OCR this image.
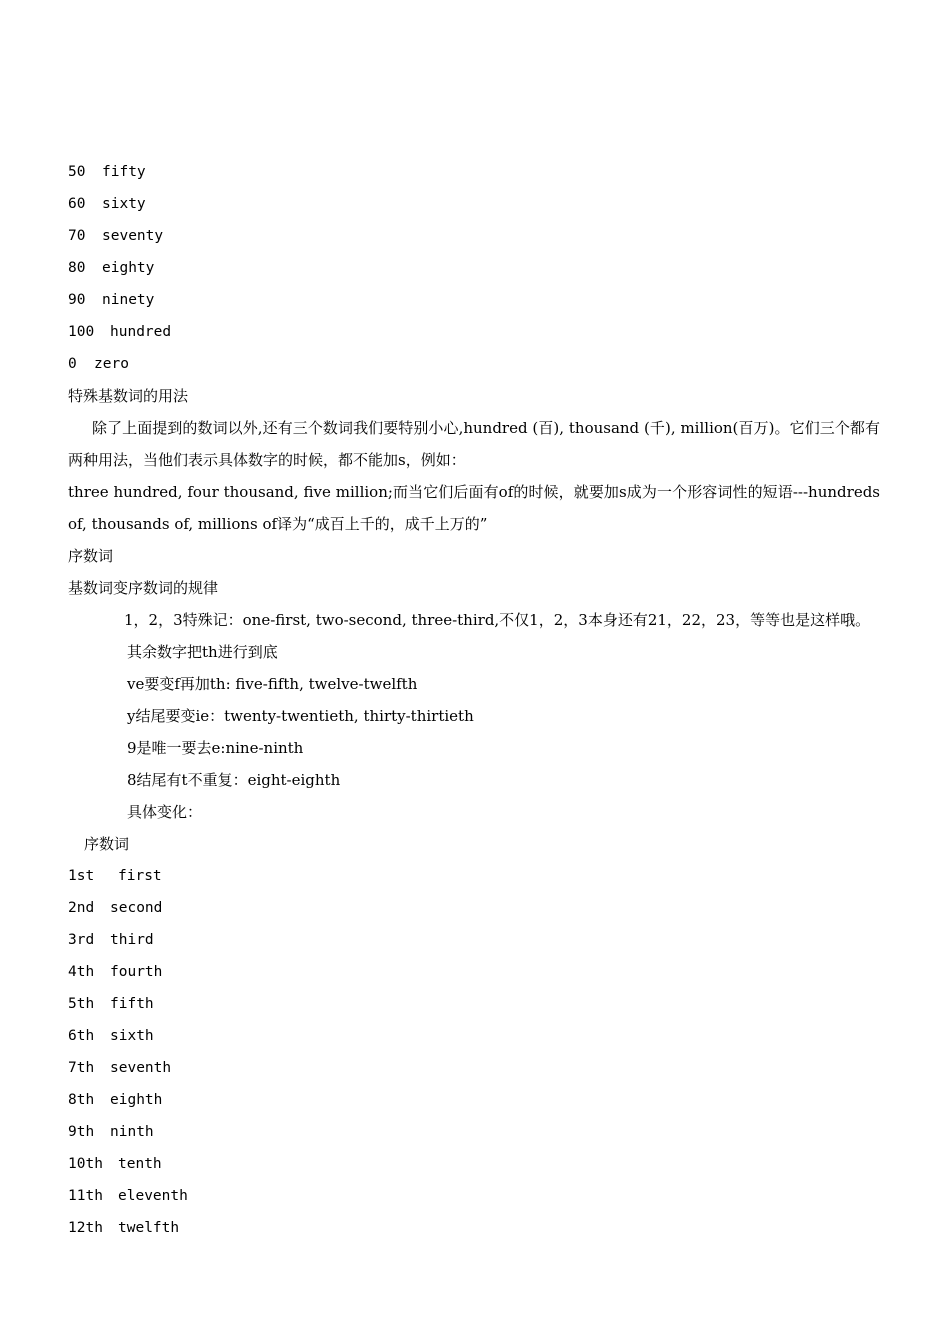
50 fifty
60 sixty
70 seventy
80 eighty
90 ninety
100 hundred
0 zero
特殊基数词的用法

除了上面提到的数词以外,还有三个数词我们要特别小心,hundred (百), thousand (千), million(百万)。它们三个都有两种用法，当他们表示具体数字的时候，都不能加s，例如：

three hundred, four thousand, five million;而当它们后面有of的时候，就要加s成为一个形容词性的短语---hundreds of, thousands of, millions of译为“成百上千的，成千上万的”

序数词
基数词变序数词的规律

1，2，3特殊记：one-first, two-second, three-third,不仅1，2，3本身还有21，22，23，等等也是这样哦。

其余数字把th进行到底
ve要变f再加th: five-fifth, twelve-twelfth
y结尾要变ie：twenty-twentieth, thirty-thirtieth
9是唯一要去e:nine-ninth
8结尾有t不重复：eight-eighth
具体变化：
序数词
1st first
2nd second
3rd third
4th fourth
5th fifth
6th sixth
7th seventh
8th eighth
9th ninth
10th tenth
11th eleventh
12th twelfth
